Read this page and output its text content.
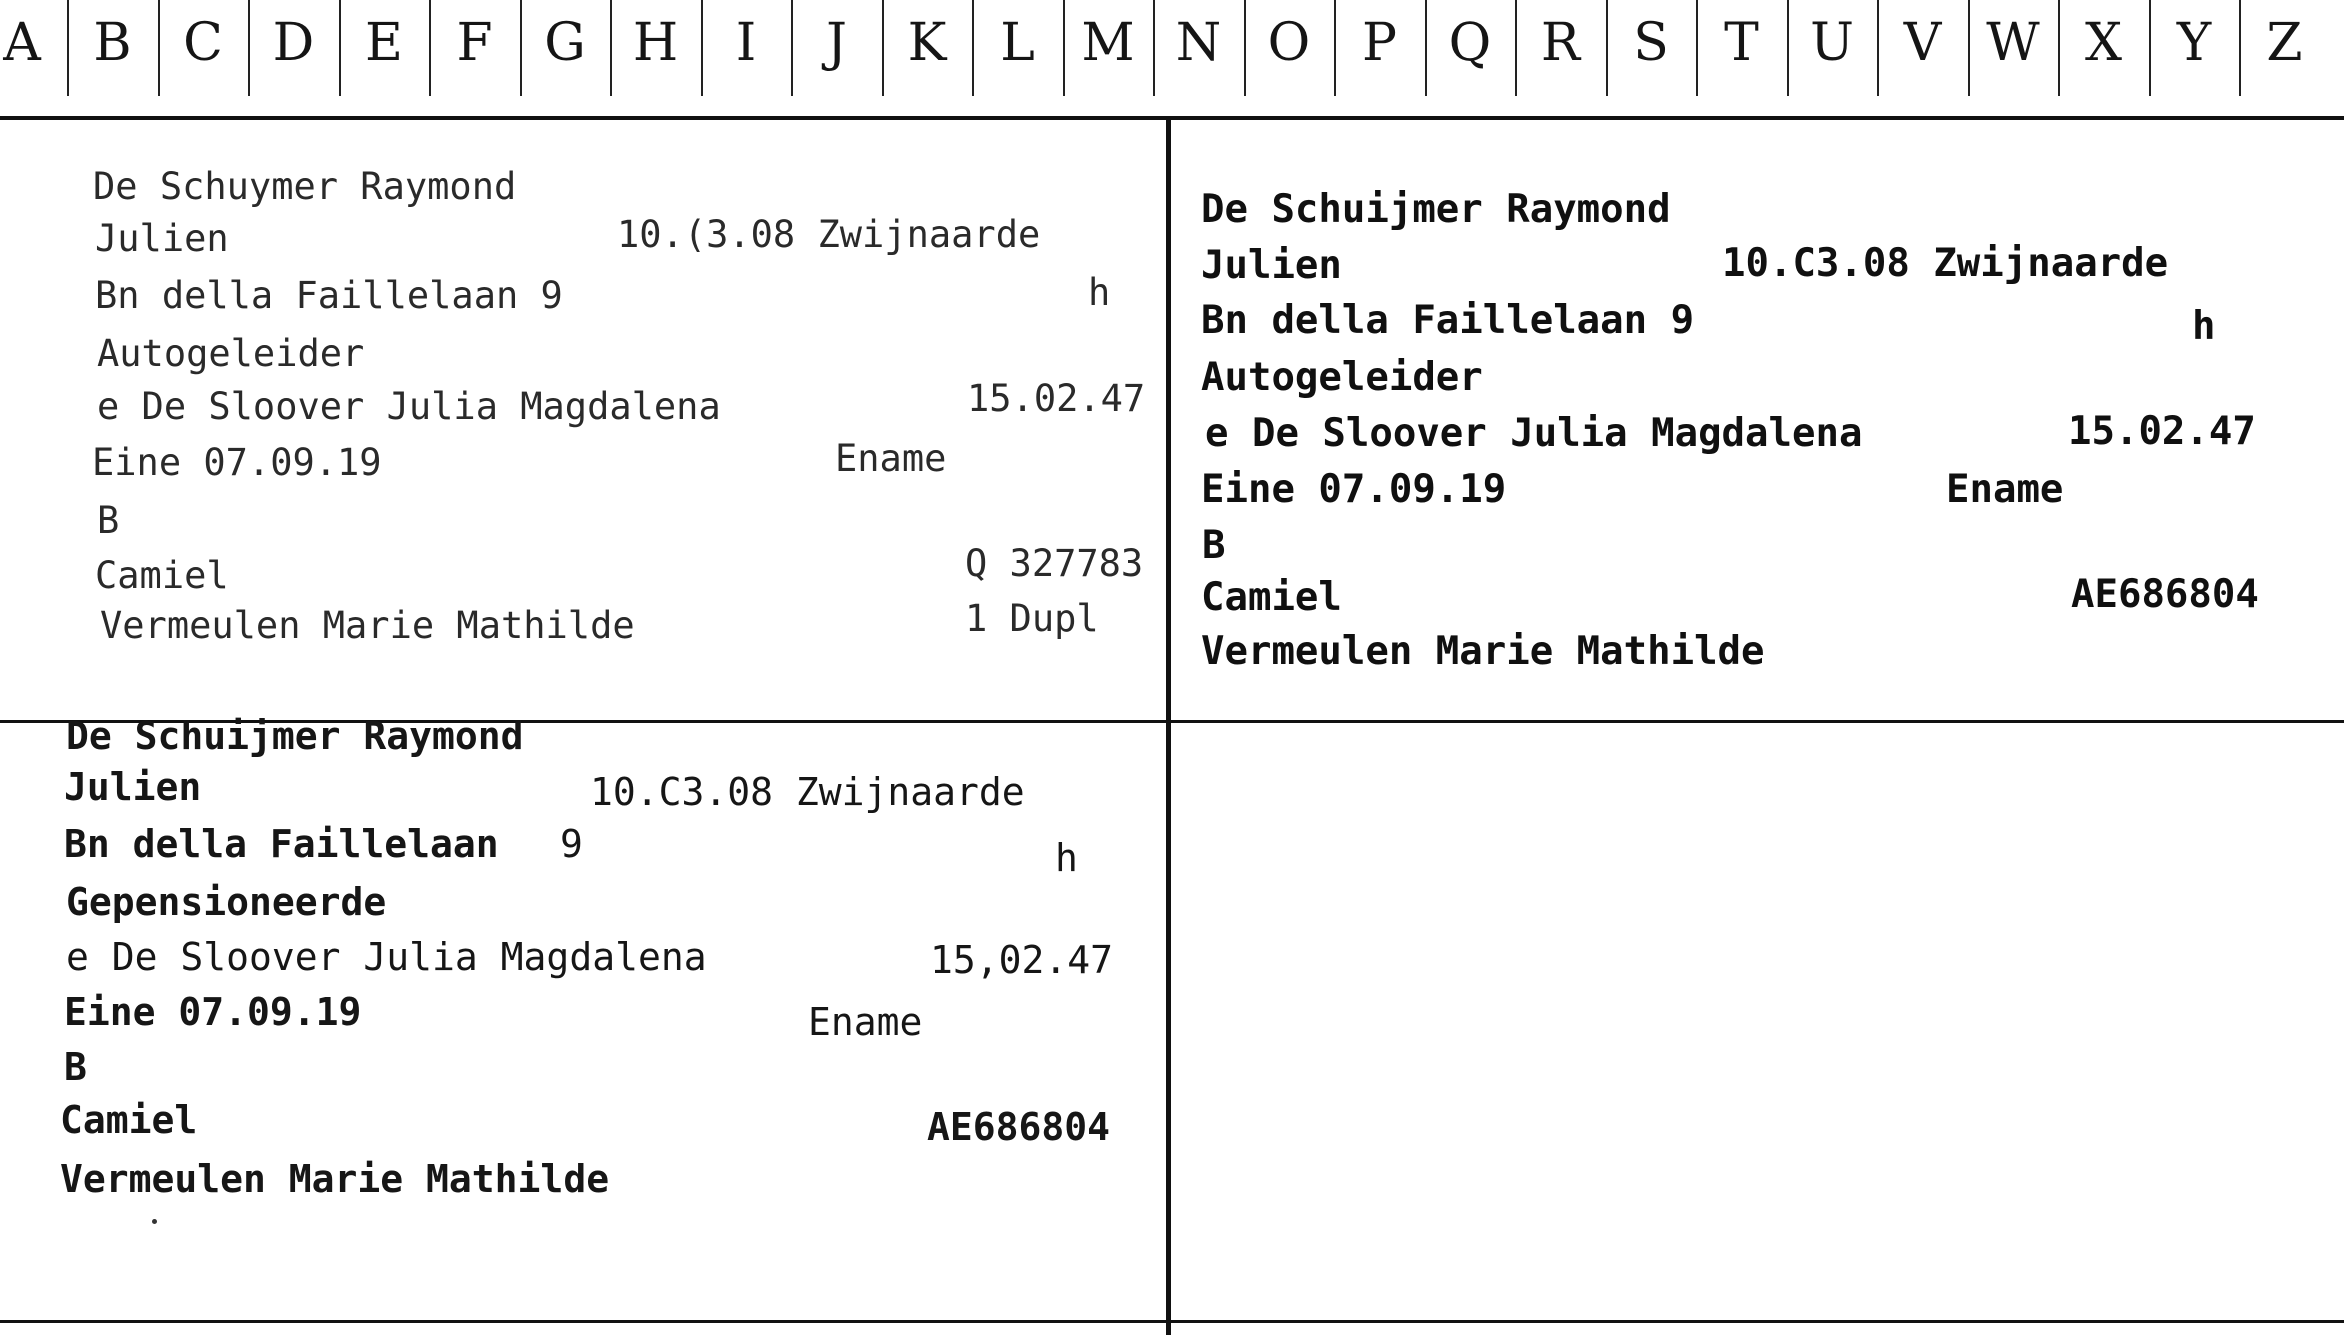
A	B C D E	F G H	I	J	K	L M N O P Q R	S	T U V W X	Y	Z
De Schuymer Raymond
Julien	10.(3.08 Zwijnaarde
Bn della Faillelaan 9	h
Autogeleider
e De Sloover Julia Magdalena	15.02.47
Eine 07.09.19	Ename
B
Camiel	Q 327783
Vermeulen Marie Mathilde	1 Dupl
De Schuijmer Raymond
Julien	10.C3.08 Zwijnaarde
Bn della Faillelaan 9	h
Autogeleider
e De Sloover Julia Magdalena	15.02.47
Eine 07.09.19	Ename
B
Camiel	AE686804
Vermeulen Marie Mathilde
De Schuijmer Raymond
Julien	10.C3.08 Zwijnaarde
Bn della Faillelaan 9	h
Gepensioneerde
e De Sloover Julia Magdalena	15,02.47
Eine 07.09.19	Ename
B
Camiel	AE686804
Vermeulen Marie Mathilde
